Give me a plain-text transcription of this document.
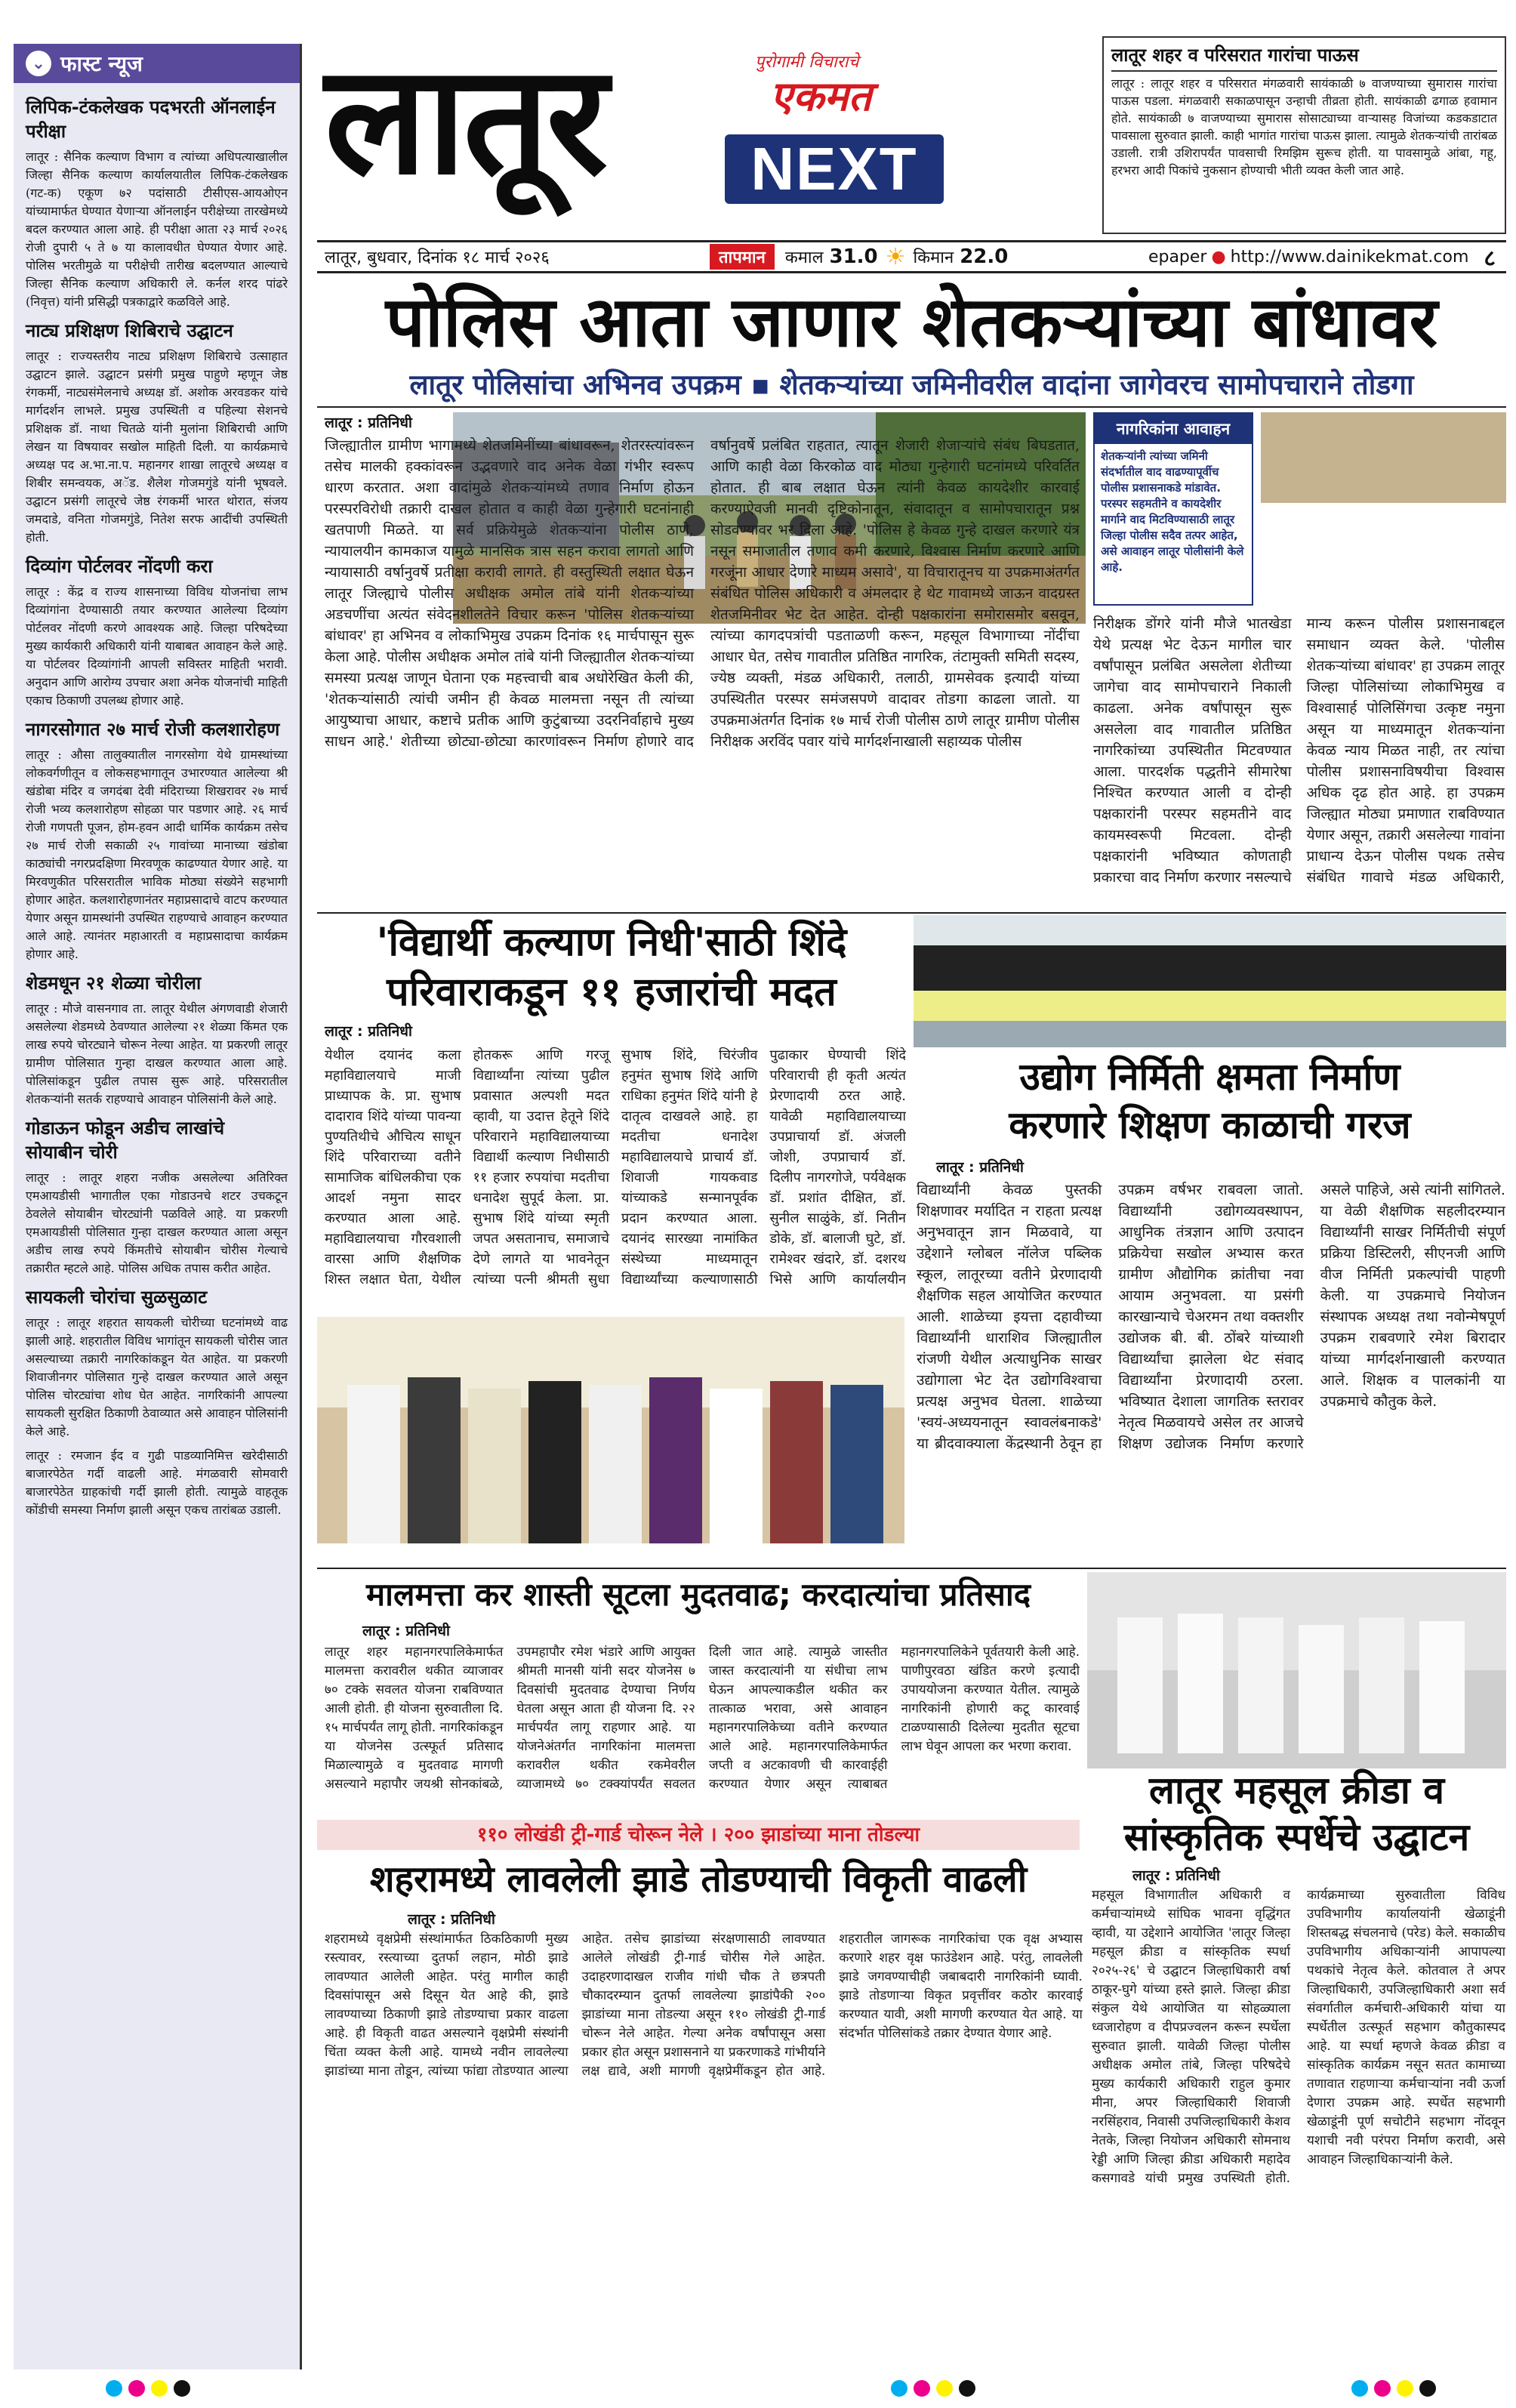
⌄ फास्ट न्यूज
लिपिक-टंकलेखक पदभरती ऑनलाईन परीक्षा
लातूर : सैनिक कल्याण विभाग व त्यांच्या अधिपत्याखालील जिल्हा सैनिक कल्याण कार्यालयातील लिपिक-टंकलेखक (गट-क) एकूण ७२ पदांसाठी टीसीएस-आयओएन यांच्यामार्फत घेण्यात येणाऱ्या ऑनलाईन परीक्षेच्या तारखेमध्ये बदल करण्यात आला आहे. ही परीक्षा आता २३ मार्च २०२६ रोजी दुपारी ५ ते ७ या कालावधीत घेण्यात येणार आहे. पोलिस भरतीमुळे या परीक्षेची तारीख बदलण्यात आल्याचे जिल्हा सैनिक कल्याण अधिकारी ले. कर्नल शरद पांढरे (निवृत्त) यांनी प्रसिद्धी पत्रकाद्वारे कळविले आहे.
नाट्य प्रशिक्षण शिबिराचे उद्घाटन
लातूर : राज्यस्तरीय नाट्य प्रशिक्षण शिबिराचे उत्साहात उद्घाटन झाले. उद्घाटन प्रसंगी प्रमुख पाहुणे म्हणून जेष्ठ रंगकर्मी, नाट्यसंमेलनाचे अध्यक्ष डॉ. अशोक अरवडकर यांचे मार्गदर्शन लाभले. प्रमुख उपस्थिती व पहिल्या सेशनचे प्रशिक्षक डॉ. नाथा चितळे यांनी मुलांना शिबिराची आणि लेखन या विषयावर सखोल माहिती दिली. या कार्यक्रमाचे अध्यक्ष पद अ.भा.ना.प. महानगर शाखा लातूरचे अध्यक्ष व शिबीर समन्वयक, अॅड. शैलेश गोजमगुंडे यांनी भूषवले. उद्घाटन प्रसंगी लातूरचे जेष्ठ रंगकर्मी भारत थोरात, संजय जमदाडे, वनिता गोजमगुंडे, नितेश सरफ आदींची उपस्थिती होती.
दिव्यांग पोर्टलवर नोंदणी करा
लातूर : केंद्र व राज्य शासनाच्या विविध योजनांचा लाभ दिव्यांगांना देण्यासाठी तयार करण्यात आलेल्या दिव्यांग पोर्टलवर नोंदणी करणे आवश्यक आहे. जिल्हा परिषदेच्या मुख्य कार्यकारी अधिकारी यांनी याबाबत आवाहन केले आहे. या पोर्टलवर दिव्यांगांनी आपली सविस्तर माहिती भरावी. अनुदान आणि आरोग्य उपचार अशा अनेक योजनांची माहिती एकाच ठिकाणी उपलब्ध होणार आहे.
नागरसोगात २७ मार्च रोजी कलशारोहण
लातूर : औसा तालुक्यातील नागरसोगा येथे ग्रामस्थांच्या लोकवर्गणीतून व लोकसहभागातून उभारण्यात आलेल्या श्री खंडोबा मंदिर व जगदंबा देवी मंदिराच्या शिखरावर २७ मार्च रोजी भव्य कलशारोहण सोहळा पार पडणार आहे. २६ मार्च रोजी गणपती पूजन, होम-हवन आदी धार्मिक कार्यक्रम तसेच २७ मार्च रोजी सकाळी २५ गावांच्या मानाच्या खंडोबा काठ्यांची नगरप्रदक्षिणा मिरवणूक काढण्यात येणार आहे. या मिरवणुकीत परिसरातील भाविक मोठ्या संख्येने सहभागी होणार आहेत. कलशारोहणानंतर महाप्रसादाचे वाटप करण्यात येणार असून ग्रामस्थांनी उपस्थित राहण्याचे आवाहन करण्यात आले आहे. त्यानंतर महाआरती व महाप्रसादाचा कार्यक्रम होणार आहे.
शेडमधून २१ शेळ्या चोरीला
लातूर : मौजे वासनगाव ता. लातूर येथील अंगणवाडी शेजारी असलेल्या शेडमध्ये ठेवण्यात आलेल्या २१ शेळ्या किंमत एक लाख रुपये चोरट्याने चोरून नेल्या आहेत. या प्रकरणी लातूर ग्रामीण पोलिसात गुन्हा दाखल करण्यात आला आहे. पोलिसांकडून पुढील तपास सुरू आहे. परिसरातील शेतकऱ्यांनी सतर्क राहण्याचे आवाहन पोलिसांनी केले आहे.
गोडाऊन फोडून अडीच लाखांचे सोयाबीन चोरी
लातूर : लातूर शहरा नजीक असलेल्या अतिरिक्त एमआयडीसी भागातील एका गोडाउनचे शटर उचकटून ठेवलेले सोयाबीन चोरट्यांनी पळविले आहे. या प्रकरणी एमआयडीसी पोलिसात गुन्हा दाखल करण्यात आला असून अडीच लाख रुपये किंमतीचे सोयाबीन चोरीस गेल्याचे तक्रारीत म्हटले आहे. पोलिस अधिक तपास करीत आहेत.
सायकली चोरांचा सुळसुळाट
लातूर : लातूर शहरात सायकली चोरीच्या घटनांमध्ये वाढ झाली आहे. शहरातील विविध भागांतून सायकली चोरीस जात असल्याच्या तक्रारी नागरिकांकडून येत आहेत. या प्रकरणी शिवाजीनगर पोलिसात गुन्हे दाखल करण्यात आले असून पोलिस चोरट्यांचा शोध घेत आहेत. नागरिकांनी आपल्या सायकली सुरक्षित ठिकाणी ठेवाव्यात असे आवाहन पोलिसांनी केले आहे.
लातूर : रमजान ईद व गुढी पाडव्यानिमित्त खरेदीसाठी बाजारपेठेत गर्दी वाढली आहे. मंगळवारी सोमवारी बाजारपेठेत ग्राहकांची गर्दी झाली होती. त्यामुळे वाहतूक कोंडीची समस्या निर्माण झाली असून एकच तारांबळ उडाली.
लातूर	पुरोगामी विचाराचे
एकमत
NEXT
लातूर, बुधवार, दिनांक १८ मार्च २०२६	तापमान	कमाल 31.0 ☀ किमान 22.0	epaper ● http://www.dainikekmat.com ८
लातूर शहर व परिसरात गारांचा पाऊस
लातूर : लातूर शहर व परिसरात मंगळवारी सायंकाळी ७ वाजण्याच्या सुमारास गारांचा पाऊस पडला. मंगळवारी सकाळपासून उन्हाची तीव्रता होती. सायंकाळी ढगाळ हवामान होते. सायंकाळी ७ वाजण्याच्या सुमारास सोसाट्याच्या वाऱ्यासह विजांच्या कडकडाटात पावसाला सुरुवात झाली. काही भागांत गारांचा पाऊस झाला. त्यामुळे शेतकऱ्यांची तारांबळ उडाली. रात्री उशिरापर्यंत पावसाची रिमझिम सुरूच होती. या पावसामुळे आंबा, गहू, हरभरा आदी पिकांचे नुकसान होण्याची भीती व्यक्त केली जात आहे.
पोलिस आता जाणार शेतकऱ्यांच्या बांधावर
लातूर पोलिसांचा अभिनव उपक्रम ▪ शेतकऱ्यांच्या जमिनीवरील वादांना जागेवरच सामोपचाराने तोडगा
लातूर : प्रतिनिधी
जिल्ह्यातील ग्रामीण भागामध्ये शेतजमिनींच्या बांधावरून, शेतरस्त्यांवरून तसेच मालकी हक्कांवरून उद्भवणारे वाद अनेक वेळा गंभीर स्वरूप धारण करतात. अशा वादांमुळे शेतकऱ्यांमध्ये तणाव निर्माण होऊन परस्परविरोधी तक्रारी दाखल होतात व काही वेळा गुन्हेगारी घटनांनाही खतपाणी मिळते. या सर्व प्रक्रियेमुळे शेतकऱ्यांना पोलीस ठाणे, न्यायालयीन कामकाज यामुळे मानसिक त्रास सहन करावा लागतो आणि न्यायासाठी वर्षानुवर्षे प्रतीक्षा करावी लागते. ही वस्तुस्थिती लक्षात घेऊन लातूर जिल्ह्याचे पोलीस अधीक्षक अमोल तांबे यांनी शेतकऱ्यांच्या अडचणींचा अत्यंत संवेदनशीलतेने विचार करून 'पोलिस शेतकऱ्यांच्या बांधावर' हा अभिनव व लोकाभिमुख उपक्रम दिनांक १६ मार्चपासून सुरू केला आहे. पोलीस अधीक्षक अमोल तांबे यांनी जिल्ह्यातील शेतकऱ्यांच्या समस्या प्रत्यक्ष जाणून घेताना एक महत्त्वाची बाब अधोरेखित केली की, 'शेतकऱ्यांसाठी त्यांची जमीन ही केवळ मालमत्ता नसून ती त्यांच्या आयुष्याचा आधार, कष्टाचे प्रतीक आणि कुटुंबाच्या उदरनिर्वाहाचे मुख्य साधन आहे.' शेतीच्या छोट्या-छोट्या कारणांवरून निर्माण होणारे वाद वर्षानुवर्षे प्रलंबित राहतात, त्यातून शेजारी शेजाऱ्यांचे संबंध बिघडतात, आणि काही वेळा किरकोळ वाद मोठ्या गुन्हेगारी घटनांमध्ये परिवर्तित होतात. ही बाब लक्षात घेऊन त्यांनी केवळ कायदेशीर कारवाई करण्याऐवजी मानवी दृष्टिकोनातून, संवादातून व सामोपचारातून प्रश्न सोडवण्यावर भर दिला आहे. 'पोलिस हे केवळ गुन्हे दाखल करणारे यंत्र नसून समाजातील तणाव कमी करणारे, विश्वास निर्माण करणारे आणि गरजूंना आधार देणारे माध्यम असावे', या विचारातूनच या उपक्रमाअंतर्गत संबंधित पोलिस अधिकारी व अंमलदार हे थेट गावामध्ये जाऊन वादग्रस्त शेतजमिनीवर भेट देत आहेत. दोन्ही पक्षकारांना समोरासमोर बसवून, त्यांच्या कागदपत्रांची पडताळणी करून, महसूल विभागाच्या नोंदींचा आधार घेत, तसेच गावातील प्रतिष्ठित नागरिक, तंटामुक्ती समिती सदस्य, ज्येष्ठ व्यक्ती, मंडळ अधिकारी, तलाठी, ग्रामसेवक इत्यादी यांच्या उपस्थितीत परस्पर समंजसपणे वादावर तोडगा काढला जातो. या उपक्रमाअंतर्गत दिनांक १७ मार्च रोजी पोलीस ठाणे लातूर ग्रामीण पोलीस निरीक्षक अरविंद पवार यांचे मार्गदर्शनाखाली सहाय्यक पोलीस
नागरिकांना आवाहन
शेतकऱ्यांनी त्यांच्या जमिनी संदर्भातील वाद वाढण्यापूर्वीच पोलीस प्रशासनाकडे मांडावेत. परस्पर सहमतीने व कायदेशीर मार्गाने वाद मिटविण्यासाठी लातूर जिल्हा पोलीस सदैव तत्पर आहेत, असे आवाहन लातूर पोलीसांनी केले आहे.
निरीक्षक डोंगरे यांनी मौजे भातखेडा येथे प्रत्यक्ष भेट देऊन मागील चार वर्षांपासून प्रलंबित असलेला शेतीच्या जागेचा वाद सामोपचाराने निकाली काढला. अनेक वर्षांपासून सुरू असलेला वाद गावातील प्रतिष्ठित नागरिकांच्या उपस्थितीत मिटवण्यात आला. पारदर्शक पद्धतीने सीमारेषा निश्चित करण्यात आली व दोन्ही पक्षकारांनी परस्पर सहमतीने वाद कायमस्वरूपी मिटवला. दोन्ही पक्षकारांनी भविष्यात कोणताही प्रकारचा वाद निर्माण करणार नसल्याचे मान्य करून पोलीस प्रशासनाबद्दल समाधान व्यक्त केले. 'पोलीस शेतकऱ्यांच्या बांधावर' हा उपक्रम लातूर जिल्हा पोलिसांच्या लोकाभिमुख व विश्वासार्ह पोलिसिंगचा उत्कृष्ट नमुना असून या माध्यमातून शेतकऱ्यांना केवळ न्याय मिळत नाही, तर त्यांचा पोलीस प्रशासनाविषयीचा विश्वास अधिक दृढ होत आहे. हा उपक्रम जिल्ह्यात मोठ्या प्रमाणात राबविण्यात येणार असून, तक्रारी असलेल्या गावांना प्राधान्य देऊन पोलीस पथक तसेच संबंधित गावाचे मंडळ अधिकारी,
'विद्यार्थी कल्याण निधी'साठी शिंदे
परिवाराकडून ११ हजारांची मदत
लातूर : प्रतिनिधी
येथील दयानंद कला महाविद्यालयाचे माजी प्राध्यापक के. प्रा. सुभाष दादाराव शिंदे यांच्या पावन्या पुण्यतिथीचे औचित्य साधून शिंदे परिवाराच्या वतीने सामाजिक बांधिलकीचा एक आदर्श नमुना सादर करण्यात आला आहे. महाविद्यालयाचा गौरवशाली वारसा आणि शैक्षणिक शिस्त लक्षात घेता, येथील होतकरू आणि गरजू विद्यार्थ्यांना त्यांच्या पुढील प्रवासात अल्पशी मदत व्हावी, या उदात्त हेतूने शिंदे परिवाराने महाविद्यालयाच्या विद्यार्थी कल्याण निधीसाठी ११ हजार रुपयांचा मदतीचा धनादेश सुपूर्द केला. प्रा. सुभाष शिंदे यांच्या स्मृती जपत असतानाच, समाजाचे देणे लागते या भावनेतून त्यांच्या पत्नी श्रीमती सुधा सुभाष शिंदे, चिरंजीव हनुमंत सुभाष शिंदे आणि राधिका हनुमंत शिंदे यांनी हे दातृत्व दाखवले आहे. हा मदतीचा धनादेश महाविद्यालयाचे प्राचार्य डॉ. शिवाजी गायकवाड यांच्याकडे सन्मानपूर्वक प्रदान करण्यात आला. दयानंद सारख्या नामांकित संस्थेच्या माध्यमातून विद्यार्थ्यांच्या कल्याणासाठी पुढाकार घेण्याची शिंदे परिवाराची ही कृती अत्यंत प्रेरणादायी ठरत आहे. यावेळी महाविद्यालयाच्या उपप्राचार्या डॉ. अंजली जोशी, उपप्राचार्य डॉ. दिलीप नागरगोजे, पर्यवेक्षक डॉ. प्रशांत दीक्षित, डॉ. सुनील साळुंके, डॉ. नितीन डोके, डॉ. बालाजी घुटे, डॉ. रामेश्वर खंदारे, डॉ. दशरथ भिसे आणि कार्यालयीन
उद्योग निर्मिती क्षमता निर्माण
करणारे शिक्षण काळाची गरज
लातूर : प्रतिनिधी
विद्यार्थ्यांनी केवळ पुस्तकी शिक्षणावर मर्यादित न राहता प्रत्यक्ष अनुभवातून ज्ञान मिळवावे, या उद्देशाने ग्लोबल नॉलेज पब्लिक स्कूल, लातूरच्या वतीने प्रेरणादायी शैक्षणिक सहल आयोजित करण्यात आली. शाळेच्या इयत्ता दहावीच्या विद्यार्थ्यांनी धाराशिव जिल्ह्यातील रांजणी येथील अत्याधुनिक साखर उद्योगाला भेट देत उद्योगविश्वाचा प्रत्यक्ष अनुभव घेतला. शाळेच्या 'स्वयं-अध्ययनातून स्वावलंबनाकडे' या ब्रीदवाक्याला केंद्रस्थानी ठेवून हा उपक्रम वर्षभर राबवला जातो. विद्यार्थ्यांनी उद्योगव्यवस्थापन, आधुनिक तंत्रज्ञान आणि उत्पादन प्रक्रियेचा सखोल अभ्यास करत ग्रामीण औद्योगिक क्रांतीचा नवा आयाम अनुभवला. या प्रसंगी कारखान्याचे चेअरमन तथा वक्तशीर उद्योजक बी. बी. ठोंबरे यांच्याशी विद्यार्थ्यांचा झालेला थेट संवाद विद्यार्थ्यांना प्रेरणादायी ठरला. भविष्यात देशाला जागतिक स्तरावर नेतृत्व मिळवायचे असेल तर आजचे शिक्षण उद्योजक निर्माण करणारे असले पाहिजे, असे त्यांनी सांगितले. या वेळी शैक्षणिक सहलीदरम्यान विद्यार्थ्यांनी साखर निर्मितीची संपूर्ण प्रक्रिया डिस्टिलरी, सीएनजी आणि वीज निर्मिती प्रकल्पांची पाहणी केली. या उपक्रमाचे नियोजन संस्थापक अध्यक्ष तथा नवोन्मेषपूर्ण उपक्रम राबवणारे रमेश बिरादार यांच्या मार्गदर्शनाखाली करण्यात आले. शिक्षक व पालकांनी या उपक्रमाचे कौतुक केले.
मालमत्ता कर शास्ती सूटला मुदतवाढ; करदात्यांचा प्रतिसाद
लातूर : प्रतिनिधी
लातूर शहर महानगरपालिकेमार्फत मालमत्ता करावरील थकीत व्याजावर ७० टक्के सवलत योजना राबविण्यात आली होती. ही योजना सुरुवातीला दि. १५ मार्चपर्यंत लागू होती. नागरिकांकडून या योजनेस उत्स्फूर्त प्रतिसाद मिळाल्यामुळे व मुदतवाढ मागणी असल्याने महापौर जयश्री सोनकांबळे, उपमहापौर रमेश भंडारे आणि आयुक्त श्रीमती मानसी यांनी सदर योजनेस ७ दिवसांची मुदतवाढ देण्याचा निर्णय घेतला असून आता ही योजना दि. २२ मार्चपर्यंत लागू राहणार आहे. या योजनेअंतर्गत नागरिकांना मालमत्ता करावरील थकीत रकमेवरील व्याजामध्ये ७० टक्क्यांपर्यंत सवलत दिली जात आहे. त्यामुळे जास्तीत जास्त करदात्यांनी या संधीचा लाभ घेऊन आपल्याकडील थकीत कर तात्काळ भरावा, असे आवाहन महानगरपालिकेच्या वतीने करण्यात आले आहे. महानगरपालिकेमार्फत जप्ती व अटकावणी ची कारवाईही करण्यात येणार असून त्याबाबत महानगरपालिकेने पूर्वतयारी केली आहे. पाणीपुरवठा खंडित करणे इत्यादी उपाययोजना करण्यात येतील. त्यामुळे नागरिकांनी होणारी कटू कारवाई टाळण्यासाठी दिलेल्या मुदतीत सूटचा लाभ घेवून आपला कर भरणा करावा.
लातूर महसूल क्रीडा व
सांस्कृतिक स्पर्धेचे उद्घाटन
लातूर : प्रतिनिधी
महसूल विभागातील अधिकारी व कर्मचाऱ्यांमध्ये सांघिक भावना वृद्धिंगत व्हावी, या उद्देशाने आयोजित 'लातूर जिल्हा महसूल क्रीडा व सांस्कृतिक स्पर्धा २०२५-२६' चे उद्घाटन जिल्हाधिकारी वर्षा ठाकूर-घुगे यांच्या हस्ते झाले. जिल्हा क्रीडा संकुल येथे आयोजित या सोहळ्याला ध्वजारोहण व दीपप्रज्वलन करून स्पर्धेला सुरुवात झाली. यावेळी जिल्हा पोलीस अधीक्षक अमोल तांबे, जिल्हा परिषदेचे मुख्य कार्यकारी अधिकारी राहुल कुमार मीना, अपर जिल्हाधिकारी शिवाजी नरसिंहराव, निवासी उपजिल्हाधिकारी केशव नेतके, जिल्हा नियोजन अधिकारी सोमनाथ रेड्डी आणि जिल्हा क्रीडा अधिकारी महादेव कसगावडे यांची प्रमुख उपस्थिती होती. कार्यक्रमाच्या सुरुवातीला विविध उपविभागीय कार्यालयांनी खेळाडूंनी शिस्तबद्ध संचलनाचे (परेड) केले. सकाळीच उपविभागीय अधिकाऱ्यांनी आपापल्या पथकांचे नेतृत्व केले. कोतवाल ते अपर जिल्हाधिकारी, उपजिल्हाधिकारी अशा सर्व संवर्गातील कर्मचारी-अधिकारी यांचा या स्पर्धेतील उत्स्फूर्त सहभाग कौतुकास्पद आहे. या स्पर्धा म्हणजे केवळ क्रीडा व सांस्कृतिक कार्यक्रम नसून सतत कामाच्या तणावात राहणाऱ्या कर्मचाऱ्यांना नवी ऊर्जा देणारा उपक्रम आहे. स्पर्धेत सहभागी खेळाडूंनी पूर्ण सचोटीने सहभाग नोंदवून यशाची नवी परंपरा निर्माण करावी, असे आवाहन जिल्हाधिकाऱ्यांनी केले.
११० लोखंडी ट्री-गार्ड चोरून नेले । २०० झाडांच्या माना तोडल्या
शहरामध्ये लावलेली झाडे तोडण्याची विकृती वाढली
लातूर : प्रतिनिधी
शहरामध्ये वृक्षप्रेमी संस्थांमार्फत ठिकठिकाणी मुख्य रस्त्यावर, रस्त्याच्या दुतर्फा लहान, मोठी झाडे लावण्यात आलेली आहेत. परंतु मागील काही दिवसांपासून असे दिसून येत आहे की, झाडे लावण्याच्या ठिकाणी झाडे तोडण्याचा प्रकार वाढला आहे. ही विकृती वाढत असल्याने वृक्षप्रेमी संस्थांनी चिंता व्यक्त केली आहे. यामध्ये नवीन लावलेल्या झाडांच्या माना तोडून, त्यांच्या फांद्या तोडण्यात आल्या आहेत. तसेच झाडांच्या संरक्षणासाठी लावण्यात आलेले लोखंडी ट्री-गार्ड चोरीस गेले आहेत. उदाहरणादाखल राजीव गांधी चौक ते छत्रपती चौकादरम्यान दुतर्फा लावलेल्या झाडांपैकी २०० झाडांच्या माना तोडल्या असून ११० लोखंडी ट्री-गार्ड चोरून नेले आहेत. गेल्या अनेक वर्षांपासून असा प्रकार होत असून प्रशासनाने या प्रकरणाकडे गांभीर्याने लक्ष द्यावे, अशी मागणी वृक्षप्रेमींकडून होत आहे. शहरातील जागरूक नागरिकांचा एक वृक्ष अभ्यास करणारे शहर वृक्ष फाउंडेशन आहे. परंतु, लावलेली झाडे जगवण्याचीही जबाबदारी नागरिकांनी घ्यावी. झाडे तोडणाऱ्या विकृत प्रवृत्तींवर कठोर कारवाई करण्यात यावी, अशी मागणी करण्यात येत आहे. या संदर्भात पोलिसांकडे तक्रार देण्यात येणार आहे.
